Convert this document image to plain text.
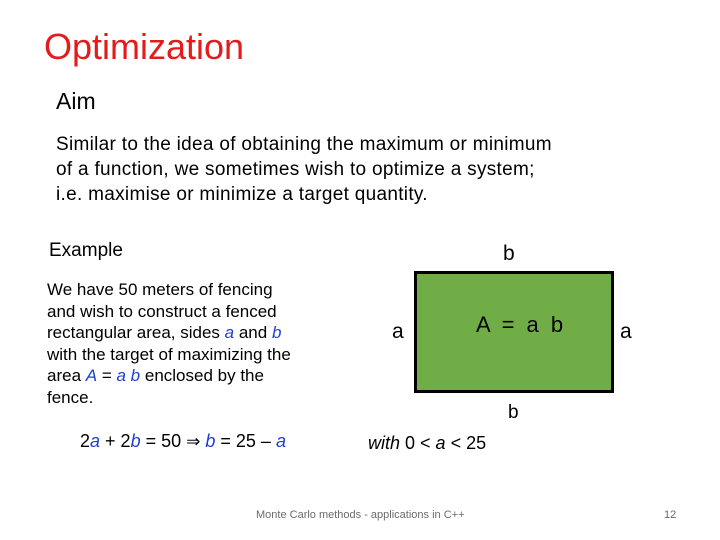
Optimization
Aim
Similar to the idea of obtaining the maximum or minimum
of a function, we sometimes wish to optimize a system;
i.e. maximise or minimize a target quantity.
Example
We have 50 meters of fencing
and wish to construct a fenced
rectangular area, sides a and b
with the target of maximizing the
area A = a b enclosed by the
fence.
2a + 2b = 50 ⇒ b = 25 – a
b
a	A = a b	a
b
with 0 < a < 25
Monte Carlo methods - applications in C++	12
